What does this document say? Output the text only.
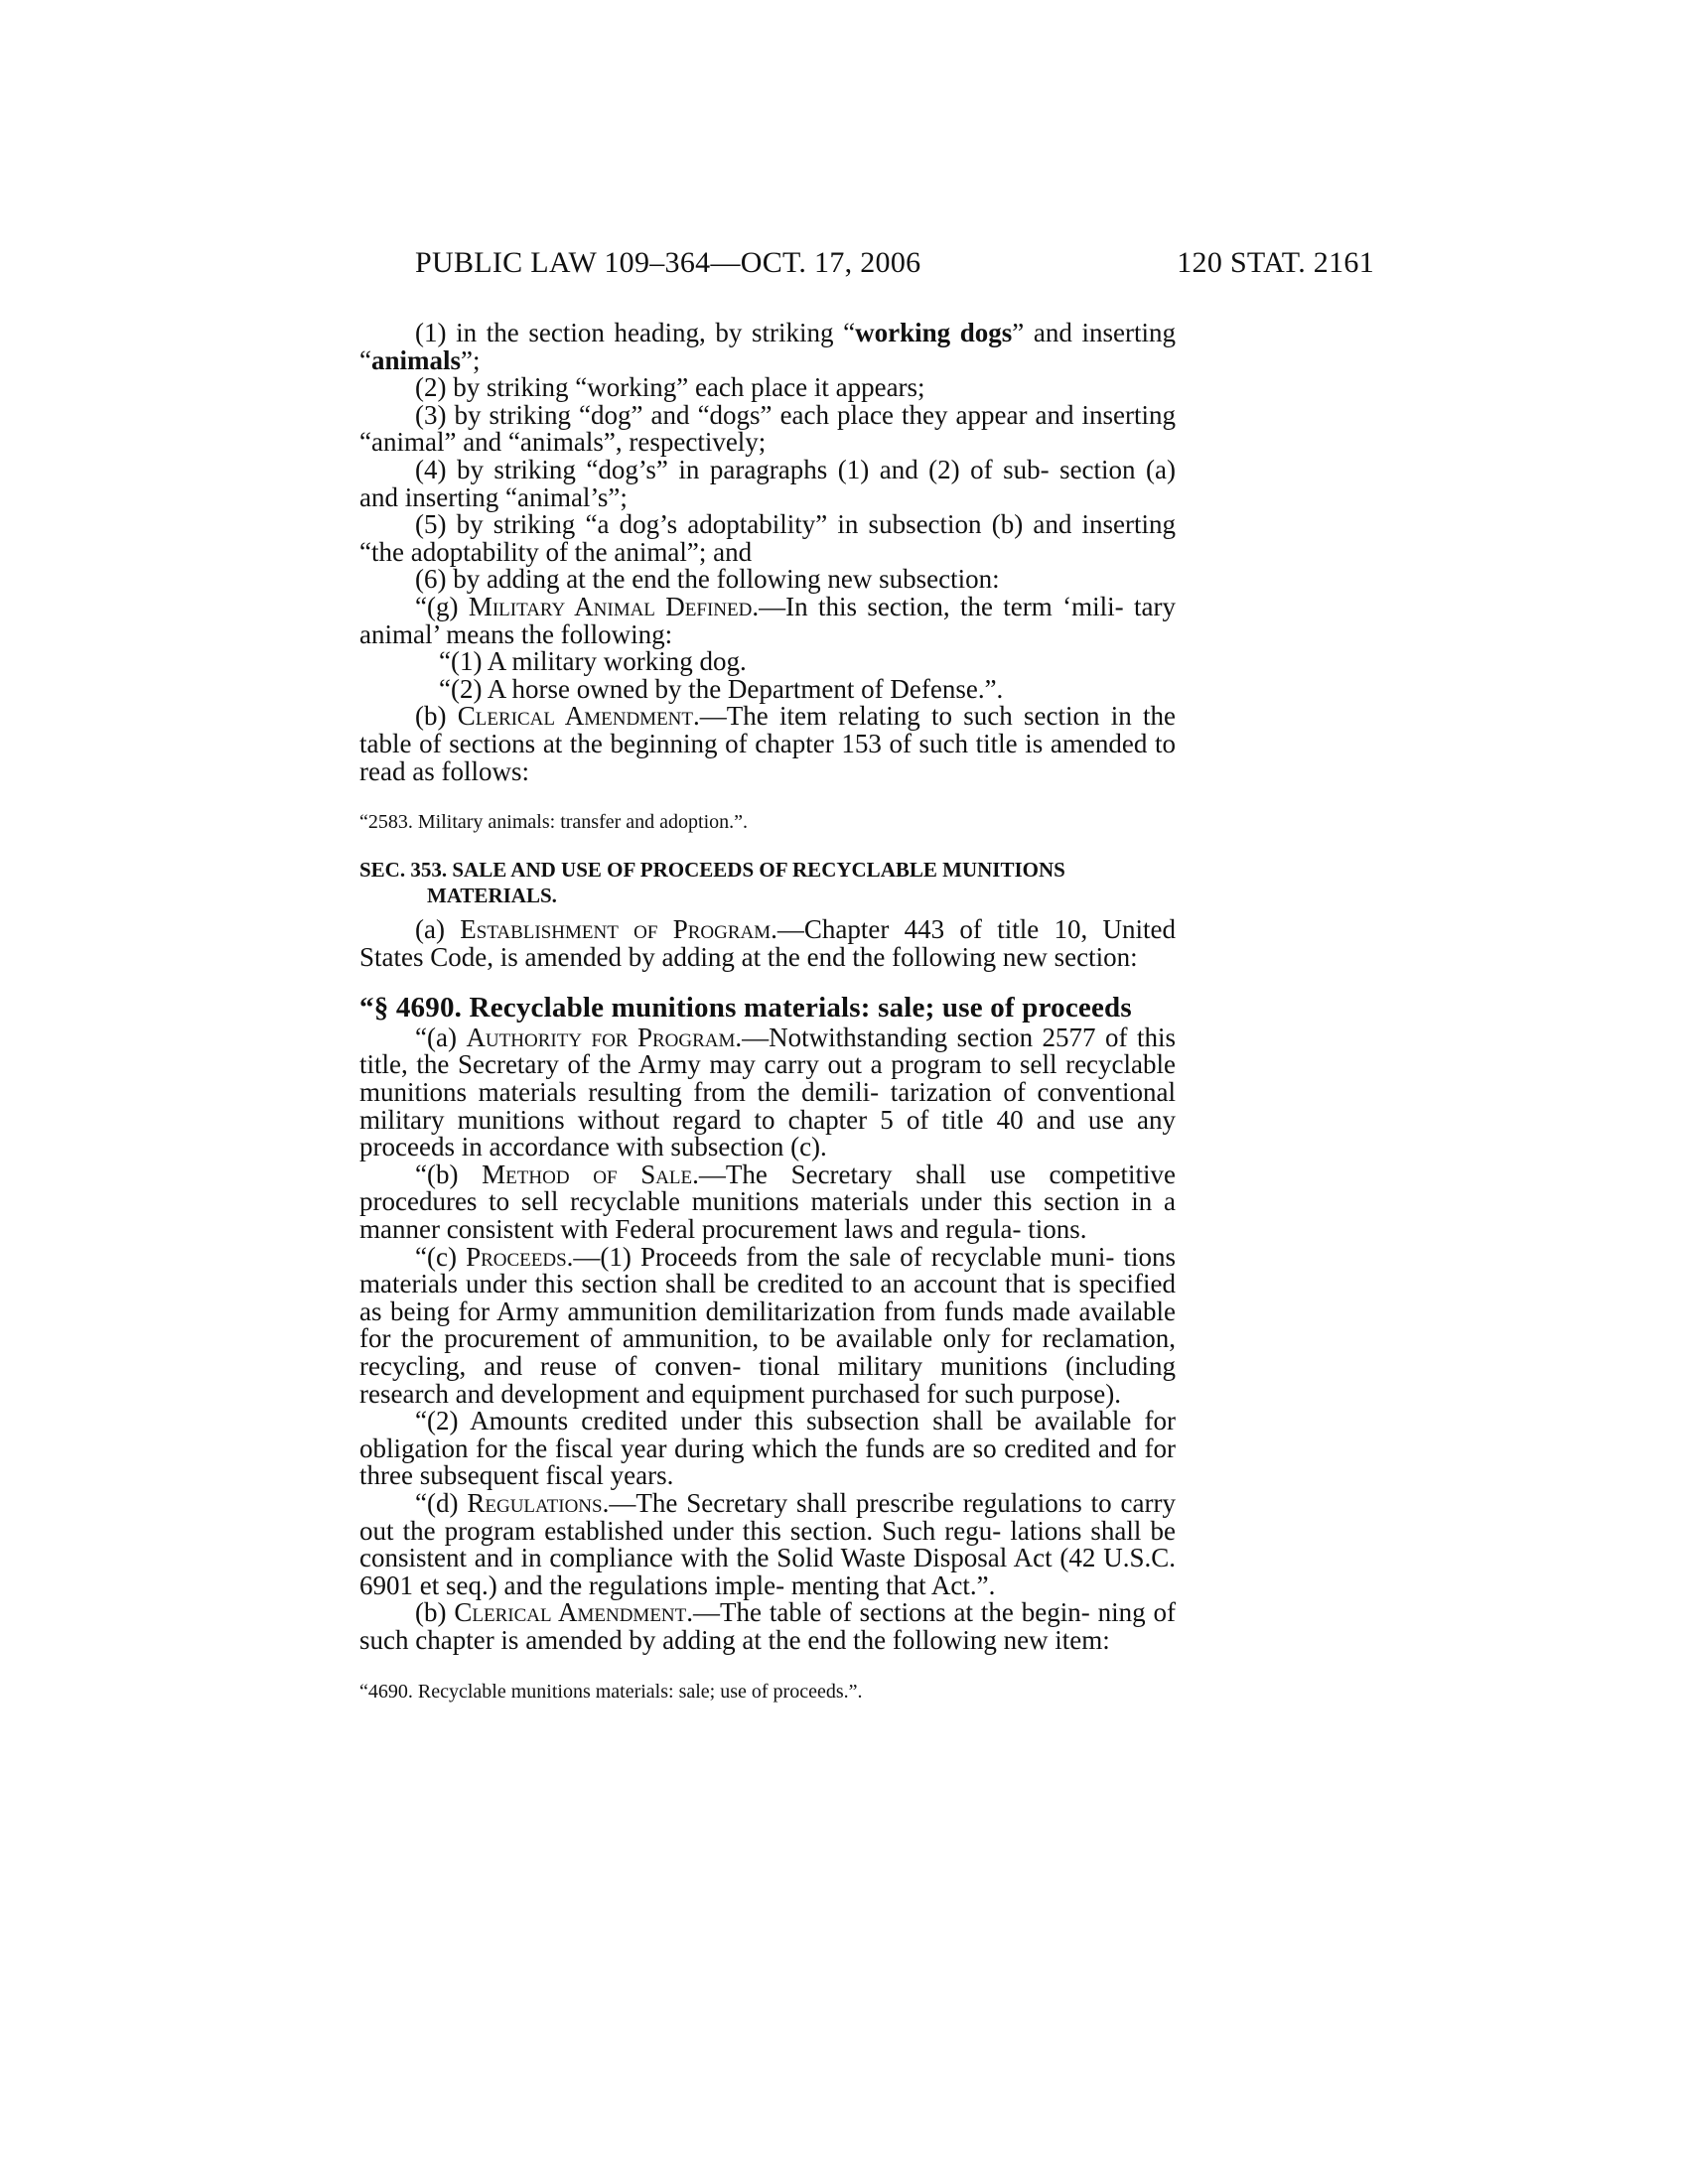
PUBLIC LAW 109–364—OCT. 17, 2006	120 STAT. 2161

(1) in the section heading, by striking “working dogs” and inserting “animals”;

(2) by striking “working” each place it appears;

(3) by striking “dog” and “dogs” each place they appear and inserting “animal” and “animals”, respectively;

(4) by striking “dog’s” in paragraphs (1) and (2) of sub- section (a) and inserting “animal’s”;

(5) by striking “a dog’s adoptability” in subsection (b) and inserting “the adoptability of the animal”; and

(6) by adding at the end the following new subsection:

“(g) Military Animal Defined.—In this section, the term ‘mili- tary animal’ means the following:

“(1) A military working dog.

“(2) A horse owned by the Department of Defense.”.

(b) Clerical Amendment.—The item relating to such section in the table of sections at the beginning of chapter 153 of such title is amended to read as follows:

“2583. Military animals: transfer and adoption.”.

SEC. 353. SALE AND USE OF PROCEEDS OF RECYCLABLE MUNITIONS
MATERIALS.

(a) Establishment of Program.—Chapter 443 of title 10, United States Code, is amended by adding at the end the following new section:

“§ 4690. Recyclable munitions materials: sale; use of proceeds

“(a) Authority for Program.—Notwithstanding section 2577 of this title, the Secretary of the Army may carry out a program to sell recyclable munitions materials resulting from the demili- tarization of conventional military munitions without regard to chapter 5 of title 40 and use any proceeds in accordance with subsection (c).

“(b) Method of Sale.—The Secretary shall use competitive procedures to sell recyclable munitions materials under this section in a manner consistent with Federal procurement laws and regula- tions.

“(c) Proceeds.—(1) Proceeds from the sale of recyclable muni- tions materials under this section shall be credited to an account that is specified as being for Army ammunition demilitarization from funds made available for the procurement of ammunition, to be available only for reclamation, recycling, and reuse of conven- tional military munitions (including research and development and equipment purchased for such purpose).

“(2) Amounts credited under this subsection shall be available for obligation for the fiscal year during which the funds are so credited and for three subsequent fiscal years.

“(d) Regulations.—The Secretary shall prescribe regulations to carry out the program established under this section. Such regu- lations shall be consistent and in compliance with the Solid Waste Disposal Act (42 U.S.C. 6901 et seq.) and the regulations imple- menting that Act.”.

(b) Clerical Amendment.—The table of sections at the begin- ning of such chapter is amended by adding at the end the following new item:

“4690. Recyclable munitions materials: sale; use of proceeds.”.
